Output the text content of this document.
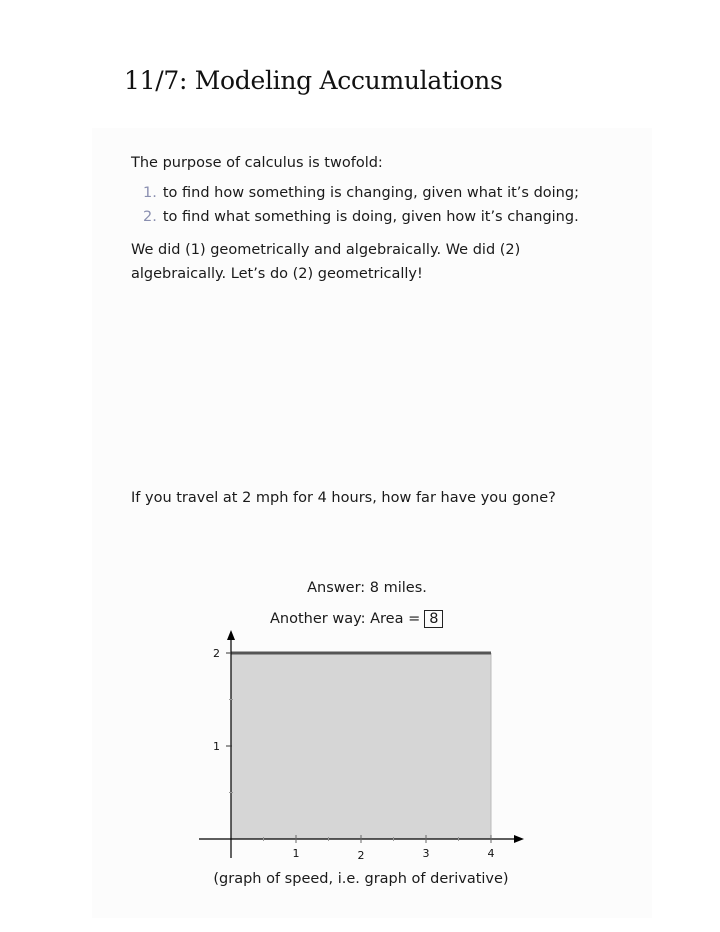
11/7: Modeling Accumulations
The purpose of calculus is twofold:
1. to find how something is changing, given what it’s doing;
2. to find what something is doing, given how it’s changing.
We did (1) geometrically and algebraically. We did (2)
algebraically. Let’s do (2) geometrically!
If you travel at 2 mph for 4 hours, how far have you gone?
Answer: 8 miles.
Another way: Area = 8
1	2	3	4
1
2
(graph of speed, i.e. graph of derivative)
